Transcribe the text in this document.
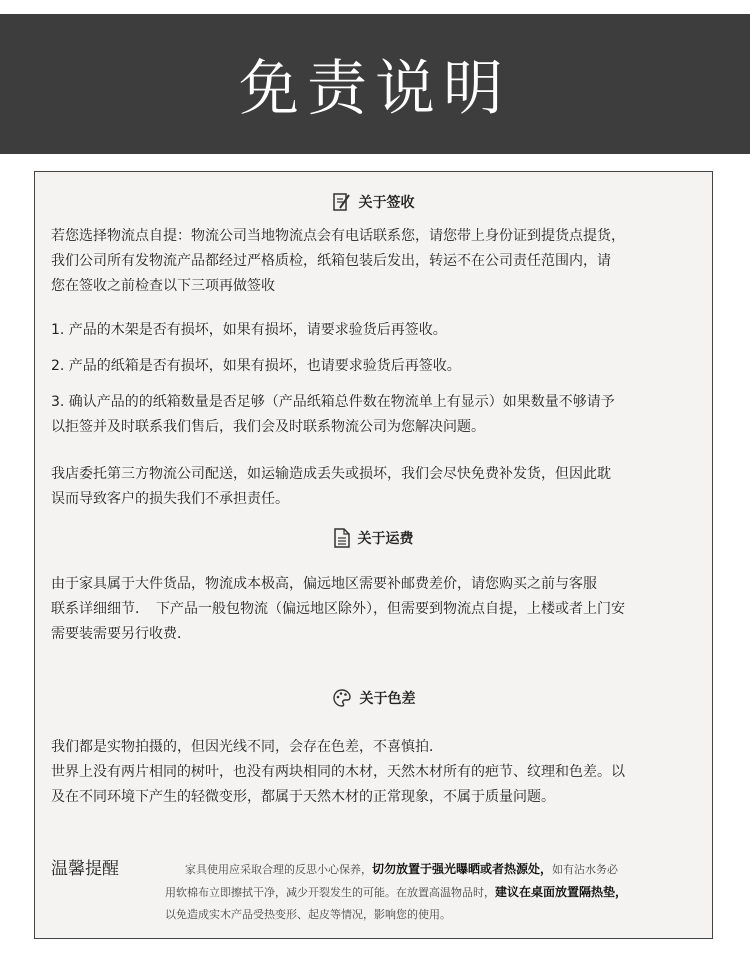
免责说明
关于签收

若您选择物流点自提：物流公司当地物流点会有电话联系您，请您带上身份证到提货点提货，

我们公司所有发物流产品都经过严格质检，纸箱包装后发出，转运不在公司责任范围内，请

您在签收之前检查以下三项再做签收

1. 产品的木架是否有损坏，如果有损坏，请要求验货后再签收。

2. 产品的纸箱是否有损坏，如果有损坏，也请要求验货后再签收。

3. 确认产品的的纸箱数量是否足够（产品纸箱总件数在物流单上有显示）如果数量不够请予

以拒签并及时联系我们售后，我们会及时联系物流公司为您解决问题。

我店委托第三方物流公司配送，如运输造成丢失或损坏，我们会尽快免费补发货，但因此耽

误而导致客户的损失我们不承担责任。

关于运费

由于家具属于大件货品，物流成本极高，偏远地区需要补邮费差价，请您购买之前与客服

联系详细细节．　下产品一般包物流（偏远地区除外），但需要到物流点自提，上楼或者上门安

需要装需要另行收费．

关于色差

我们都是实物拍摄的，但因光线不同，会存在色差，不喜慎拍．

世界上没有两片相同的树叶，也没有两块相同的木材，天然木材所有的疤节、纹理和色差。以

及在不同环境下产生的轻微变形，都属于天然木材的正常现象，不属于质量问题。

温馨提醒	家具使用应采取合理的反思小心保养，切勿放置于强光曝晒或者热源处，如有沾水务必

用软棉布立即擦拭干净，减少开裂发生的可能。在放置高温物品时，建议在桌面放置隔热垫，

以免造成实木产品受热变形、起皮等情况，影响您的使用。
